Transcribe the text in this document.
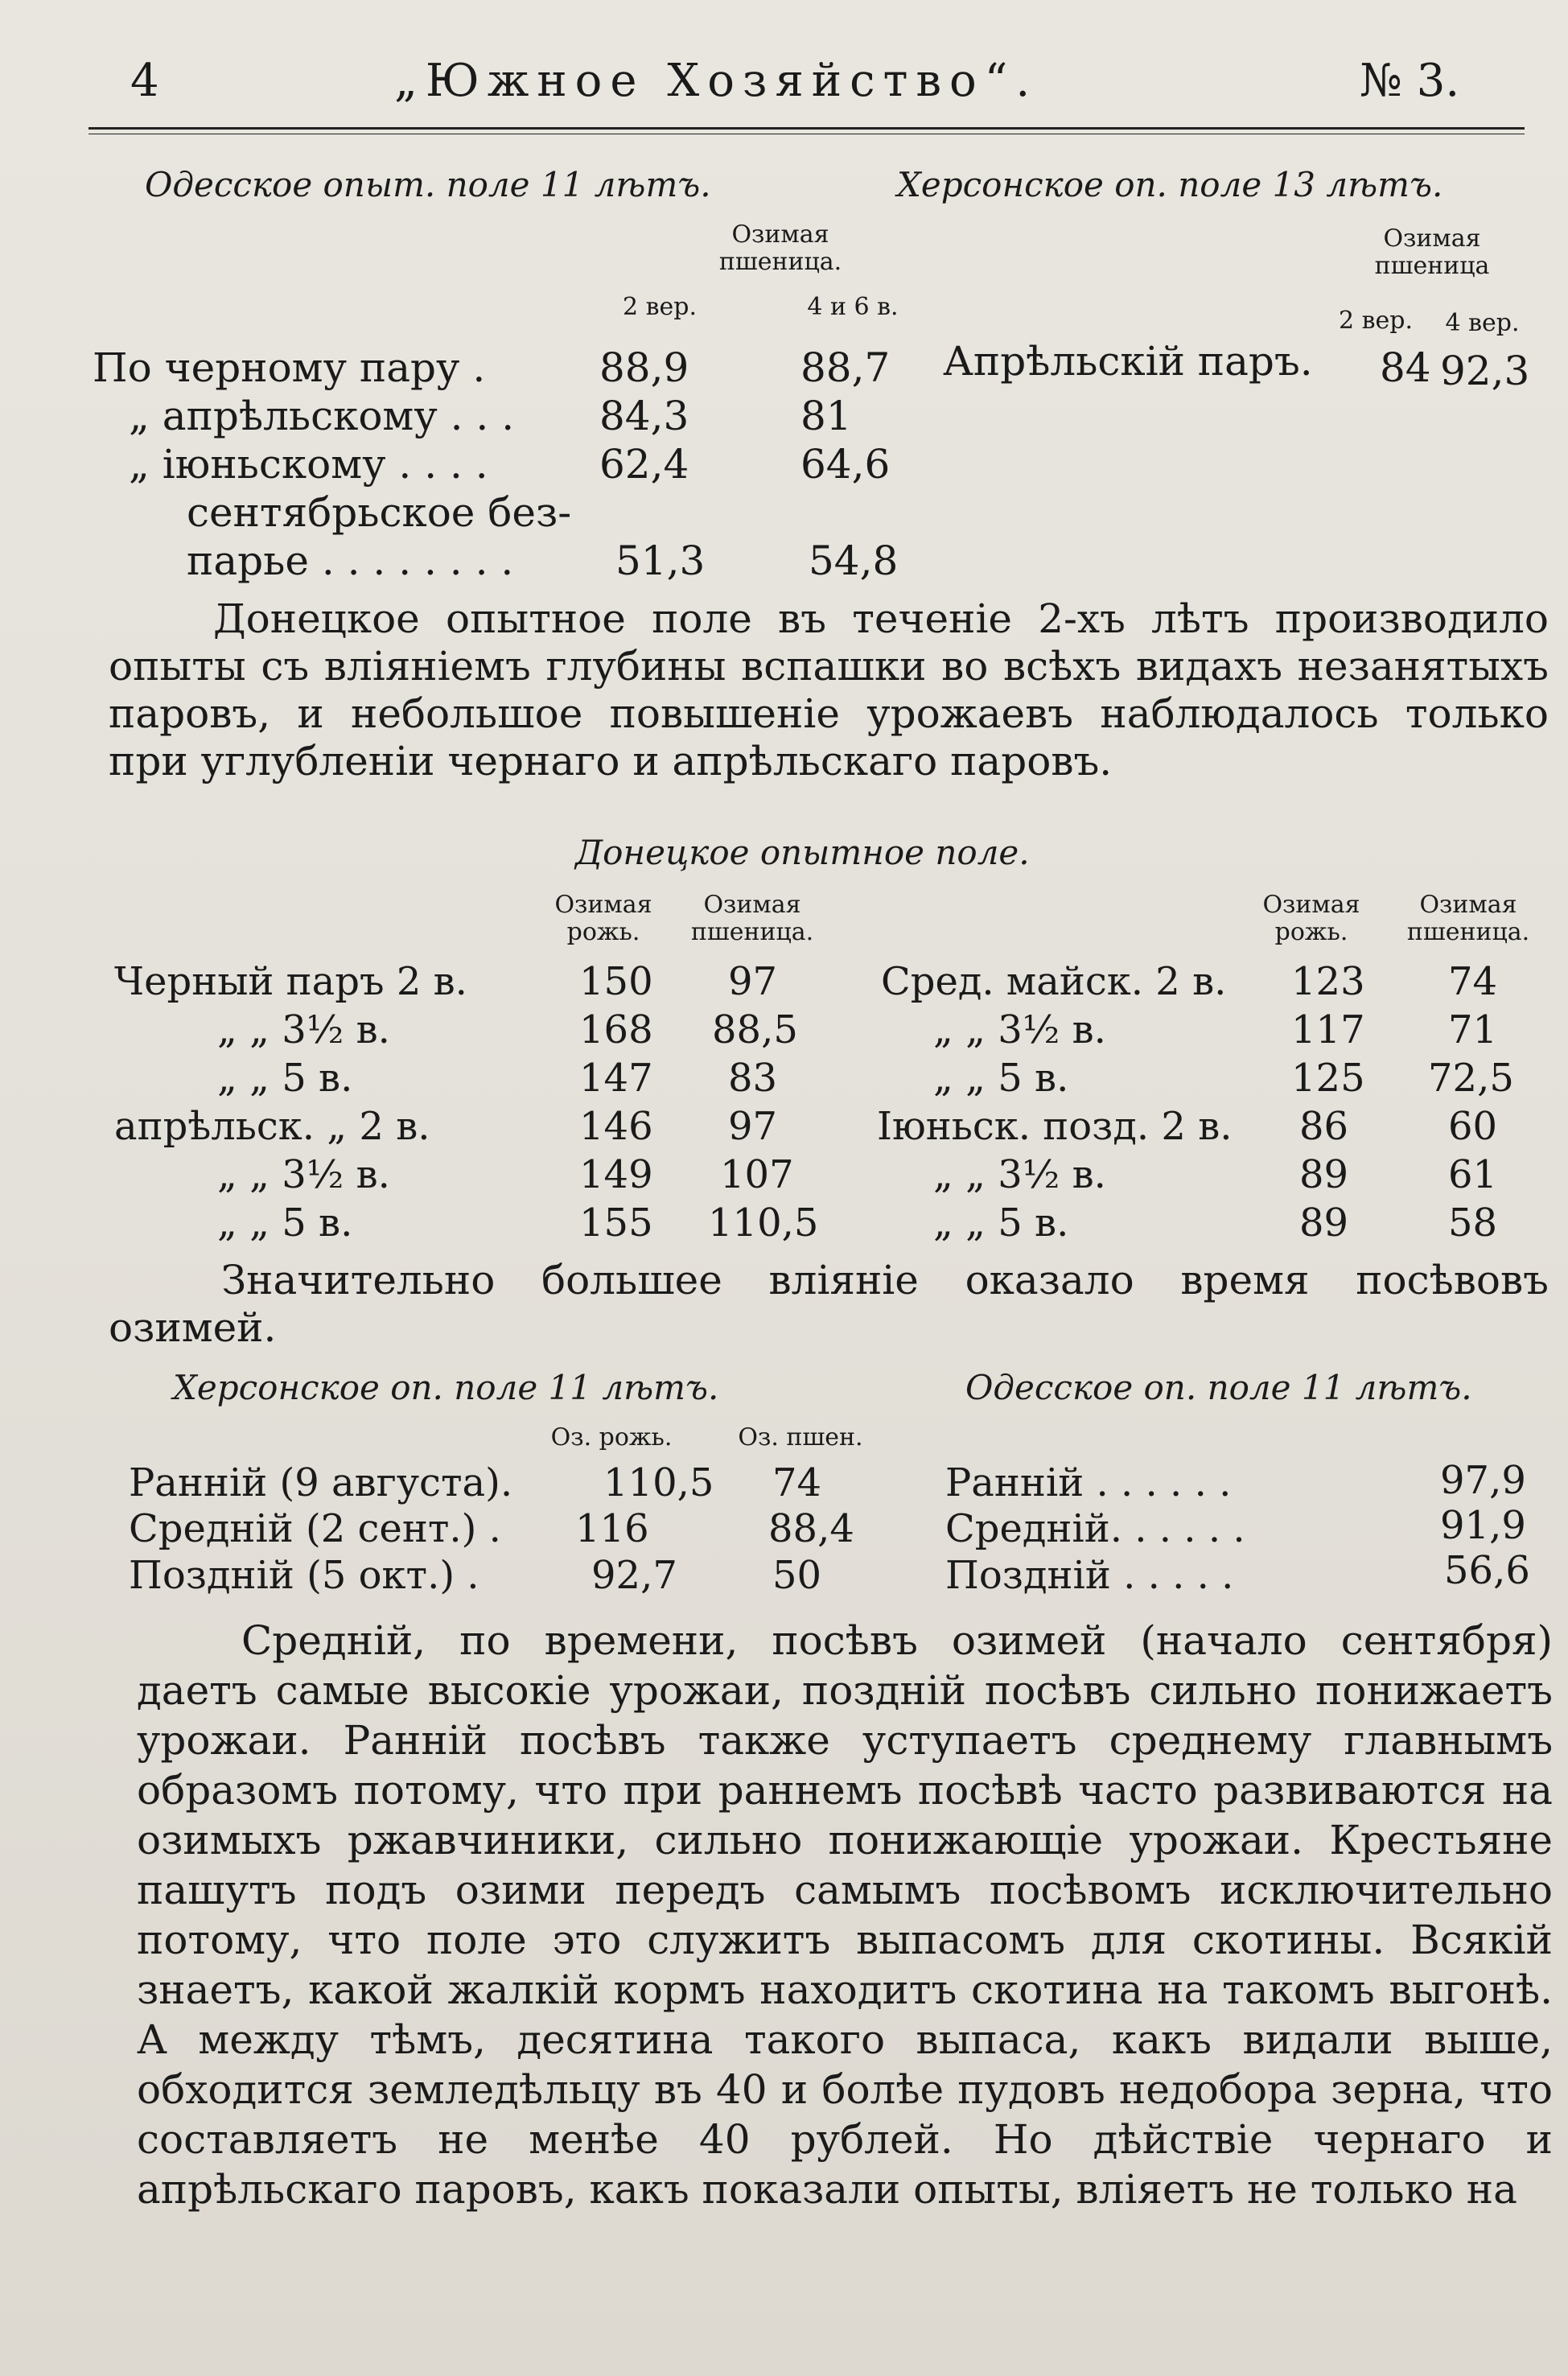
4	„Южное Хозяйство“.	№ 3.
Одесское опыт. поле 11 лѣтъ.	Херсонское оп. поле 13 лѣтъ.
Озимая пшеница.
2 вер.	4 и 6 в.
Озимая пшеница
2 вер.	4 вер.
По черному пару .	88,9	88,7
„ апрѣльскому . . . 84,3	81
„ іюньскому . . . .	62,4	64,6
сентябрьское без-
парье . . . . . . . .	51,3	54,8
Апрѣльскій паръ. 84 92,3

Донецкое опытное поле въ теченіе 2-хъ лѣтъ производило опыты съ вліяніемъ глубины вспашки во всѣхъ видахъ незанятыхъ паровъ, и небольшое повышеніе урожаевъ наблюдалось только при углубленіи чернаго и апрѣльскаго паровъ.

Донецкое опытное поле.
Озимая рожь.
Озимая пшеница.
Озимая рожь.
Озимая пшеница.
Черный паръ 2 в.	150 97
„ „ 3½ в.	168 88,5
„ „ 5 в.	147 83
апрѣльск. „ 2 в.	146 97
„ „ 3½ в.	149 107
„ „ 5 в.	155 110,5
Сред. майск. 2 в. 123 74
„ „ 3½ в.	117 71
„ „ 5 в.	125 72,5
Іюньск. позд. 2 в. 86	60
„ „ 3½ в.	89	61
„ „ 5 в.	89	58

Значительно большее вліяніе оказало время посѣвовъ озимей.

Херсонское оп. поле 11 лѣтъ.	Одесское оп. поле 11 лѣтъ.
Оз. рожь.	Оз. пшен.
Ранній (9 августа). 110,5 74
Средній (2 сент.) . 116	88,4
Поздній (5 окт.) .	92,7 50
Ранній . . . . . .	97,9
Средній. . . . . .	91,9
Поздній . . . . .	56,6

Средній, по времени, посѣвъ озимей (начало сентября) даетъ самые высокіе урожаи, поздній посѣвъ сильно понижаетъ урожаи. Ранній посѣвъ также уступаетъ среднему главнымъ образомъ потому, что при раннемъ посѣвѣ часто развиваются на озимыхъ ржавчиники, сильно понижающіе урожаи. Крестьяне пашутъ подъ озими передъ самымъ посѣвомъ исключительно потому, что поле это служитъ выпасомъ для скотины. Всякій знаетъ, какой жалкій кормъ находитъ скотина на такомъ выгонѣ. А между тѣмъ, десятина такого выпаса, какъ видали выше, обходится земледѣльцу въ 40 и болѣе пудовъ недобора зерна, что составляетъ не менѣе 40 рублей. Но дѣйствіе чернаго и апрѣльскаго паровъ, какъ показали опыты, вліяетъ не только на
